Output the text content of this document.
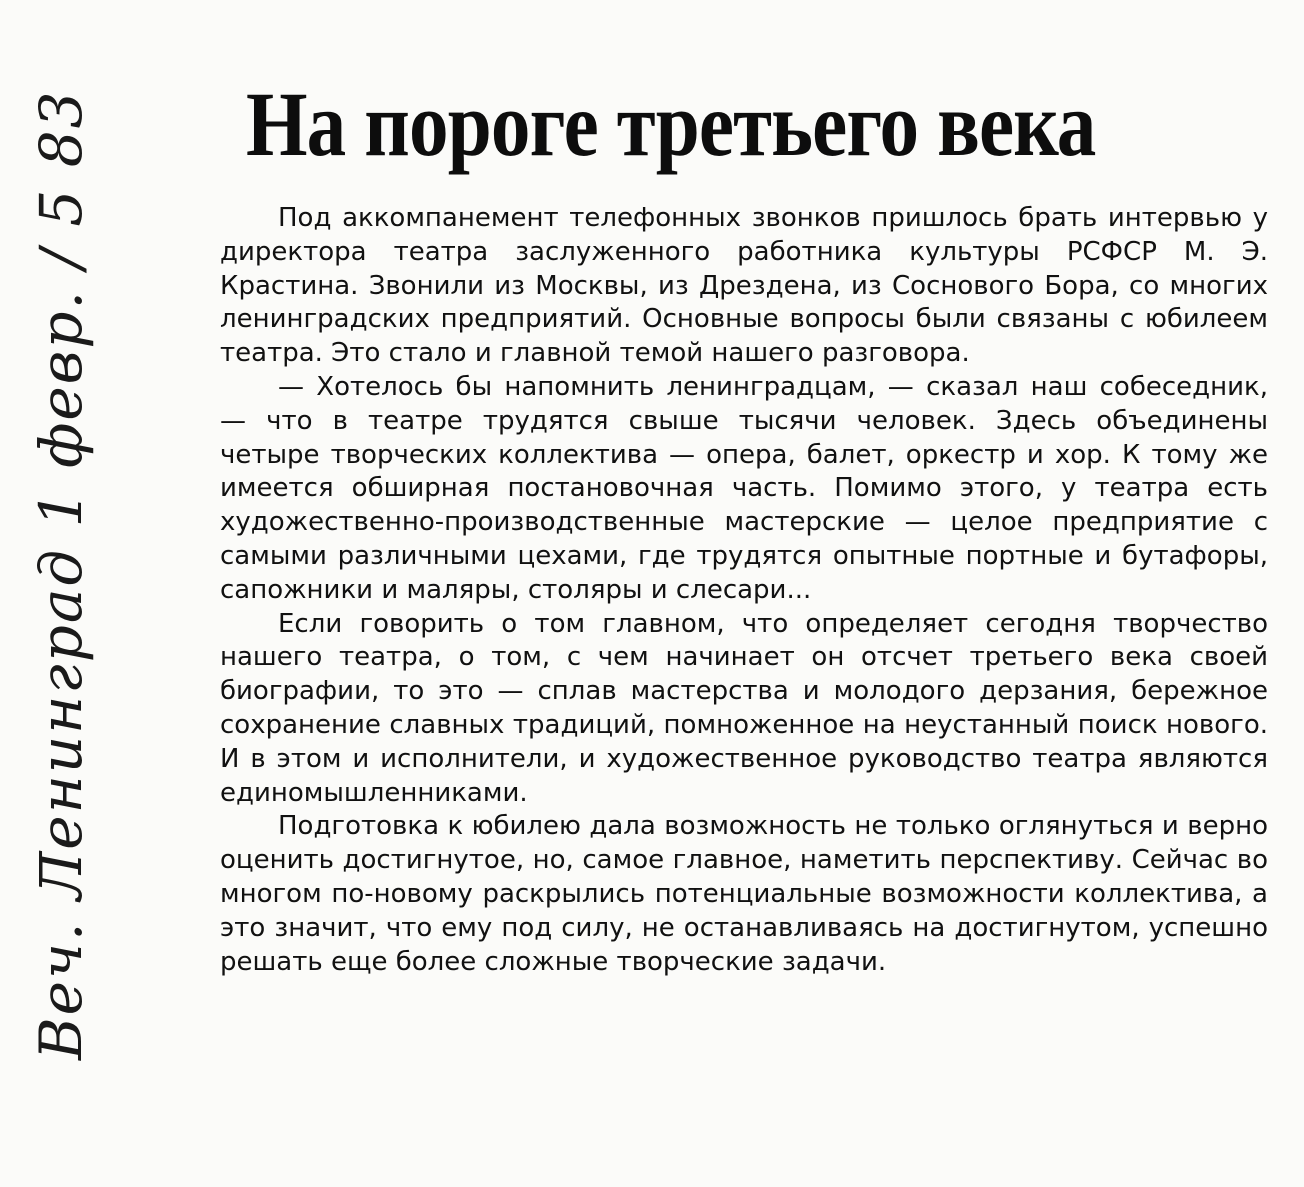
Веч. Ленинград 1 февр. / 5 83 На пороге третьего века

Под аккомпанемент телефонных звонков пришлось брать интервью у директора театра заслуженного работника культуры РСФСР М. Э. Крастина. Звонили из Москвы, из Дрездена, из Соснового Бора, со многих ленинградских предприятий. Основные вопросы были связаны с юбилеем театра. Это стало и главной темой нашего разговора.

— Хотелось бы напомнить ленинградцам, — сказал наш собеседник, — что в театре трудятся свыше тысячи человек. Здесь объединены четыре творческих коллектива — опера, балет, оркестр и хор. К тому же имеется обширная постановочная часть. Помимо этого, у театра есть художественно-производственные мастерские — целое предприятие с самыми различными цехами, где трудятся опытные портные и бутафоры, сапожники и маляры, столяры и слесари...

Если говорить о том главном, что определяет сегодня творчество нашего театра, о том, с чем начинает он отсчет третьего века своей биографии, то это — сплав мастерства и молодого дерзания, бережное сохранение славных традиций, помноженное на неустанный поиск нового. И в этом и исполнители, и художественное руководство театра являются единомышленниками.

Подготовка к юбилею дала возможность не только оглянуться и верно оценить достигнутое, но, самое главное, наметить перспективу. Сейчас во многом по-новому раскрылись потенциальные возможности коллектива, а это значит, что ему под силу, не останавливаясь на достигнутом, успешно решать еще более сложные творческие задачи.
